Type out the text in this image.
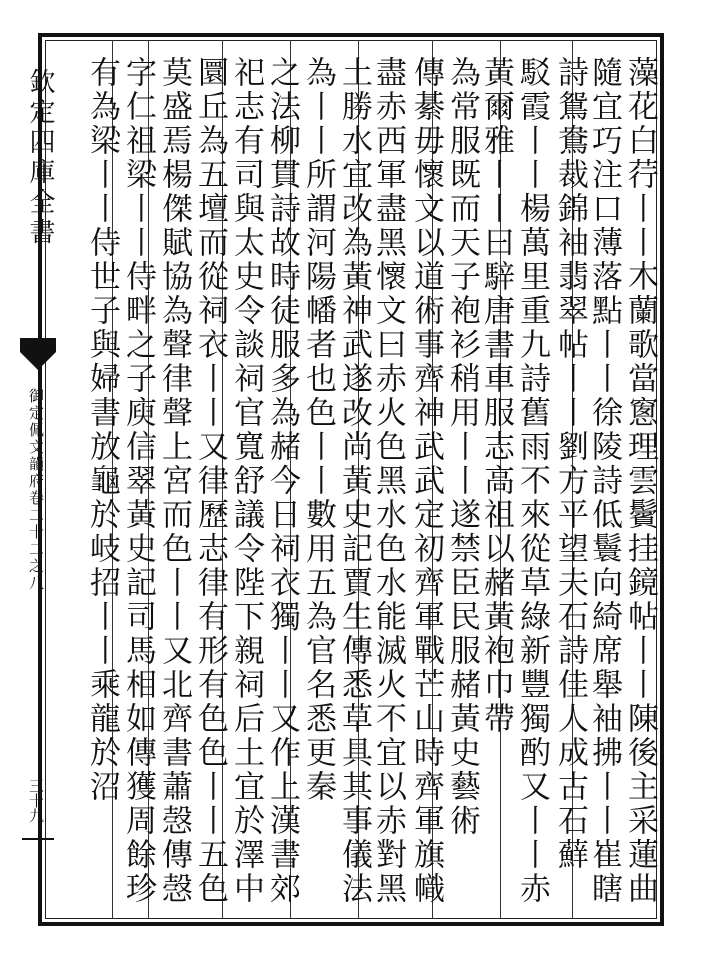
欽定四庫全書
御定佩文韻府卷二十二之八
三十九	藻花白荇丨丨木蘭歌當窻理雲鬢挂鏡帖丨丨陳後主采蓮曲
隨宜巧注口薄落點丨丨徐陵詩低鬟向綺席舉袖拂丨丨崔瞎
詩鴛鴦裁錦袖翡翠帖丨丨劉方平望夫石詩佳人成古石蘚
駁霞丨丨楊萬里重九詩舊雨不來從草綠新豐獨酌又丨丨赤
黃爾雅丨丨曰騂唐書車服志高祖以赭黃袍巾帶
為常服既而天子袍衫稍用丨丨遂禁臣民服赭黃史藝術
傳綦毋懷文以道術事齊神武武定初齊軍戰芒山時齊軍旗幟
盡赤西軍盡黑懷文曰赤火色黑水色水能滅火不宜以赤對黑
土勝水宜改為黃神武遂改尚黃史記賈生傳悉草具其事儀法
為丨丨所謂河陽幡者也色丨丨數用五為官名悉更秦
之法柳貫詩故時徒服多為赭今日祠衣獨丨丨又作上漢書郊
祀志有司與太史令談祠官寬舒議令陛下親祠后土宜於澤中
圜丘為五壇而從祠衣丨丨又律歷志律有形有色色丨丨五色
莫盛焉楊傑賦協為聲律聲上宮而色丨丨又北齊書蕭愨傳愨
字仁祖梁丨丨侍畔之子庾信翠黃史記司馬相如傳獲周餘珍
有為梁丨丨侍世子與婦書放龜於岐招丨丨乘龍於沼
